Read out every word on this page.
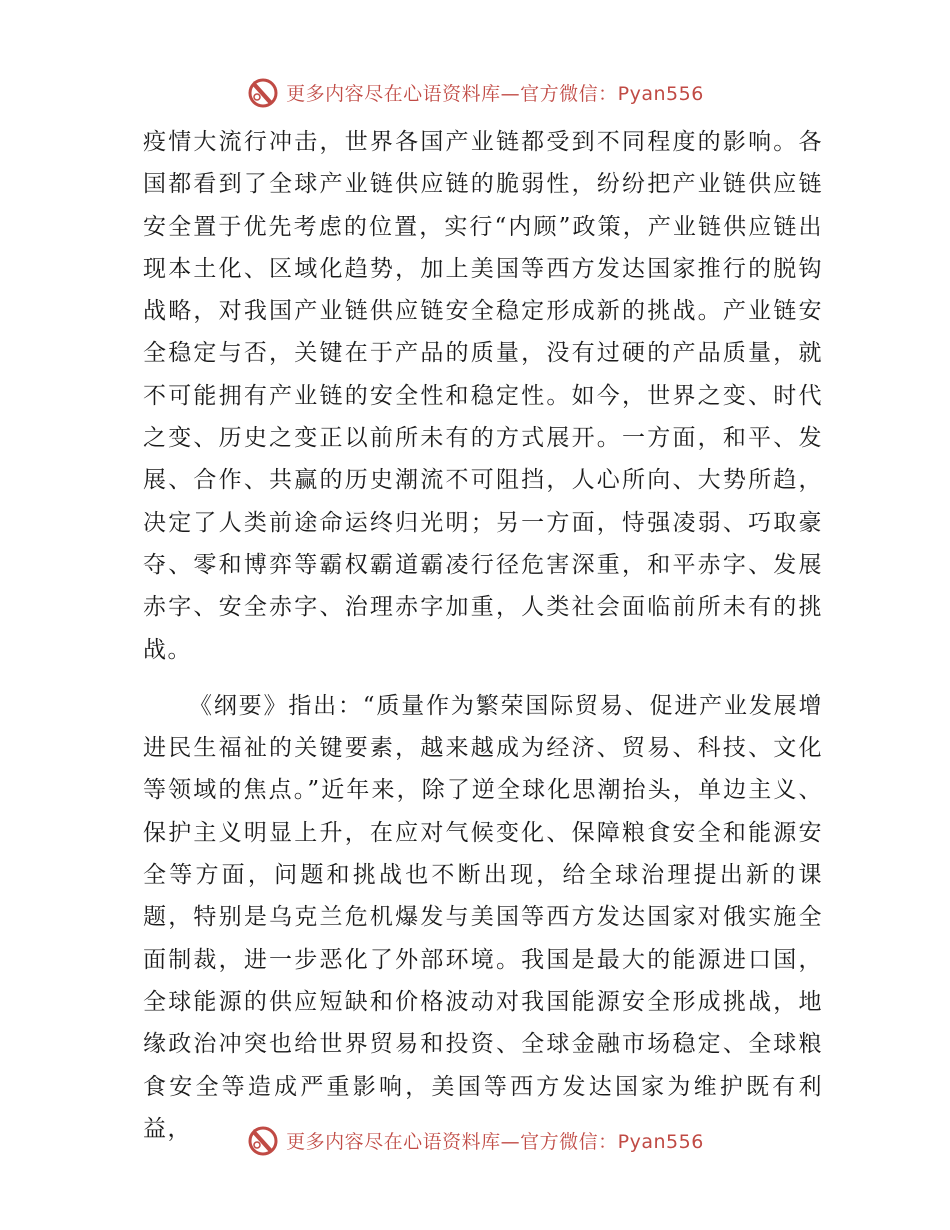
更多内容尽在心语资料库—官方微信：Pyan556

疫情大流行冲击，世界各国产业链都受到不同程度的影响。各国都看到了全球产业链供应链的脆弱性，纷纷把产业链供应链安全置于优先考虑的位置，实行“内顾”政策，产业链供应链出现本土化、区域化趋势，加上美国等西方发达国家推行的脱钩战略，对我国产业链供应链安全稳定形成新的挑战。产业链安全稳定与否，关键在于产品的质量，没有过硬的产品质量，就不可能拥有产业链的安全性和稳定性。如今，世界之变、时代之变、历史之变正以前所未有的方式展开。一方面，和平、发展、合作、共赢的历史潮流不可阻挡，人心所向、大势所趋，决定了人类前途命运终归光明；另一方面，恃强凌弱、巧取豪夺、零和博弈等霸权霸道霸凌行径危害深重，和平赤字、发展赤字、安全赤字、治理赤字加重，人类社会面临前所未有的挑战。

《纲要》指出：“质量作为繁荣国际贸易、促进产业发展增进民生福祉的关键要素，越来越成为经济、贸易、科技、文化等领域的焦点。”近年来，除了逆全球化思潮抬头，单边主义、保护主义明显上升，在应对气候变化、保障粮食安全和能源安全等方面，问题和挑战也不断出现，给全球治理提出新的课题，特别是乌克兰危机爆发与美国等西方发达国家对俄实施全面制裁，进一步恶化了外部环境。我国是最大的能源进口国，全球能源的供应短缺和价格波动对我国能源安全形成挑战，地缘政治冲突也给世界贸易和投资、全球金融市场稳定、全球粮食安全等造成严重影响，美国等西方发达国家为维护既有利益，	更多内容尽在心语资料库—官方微信：Pyan556
